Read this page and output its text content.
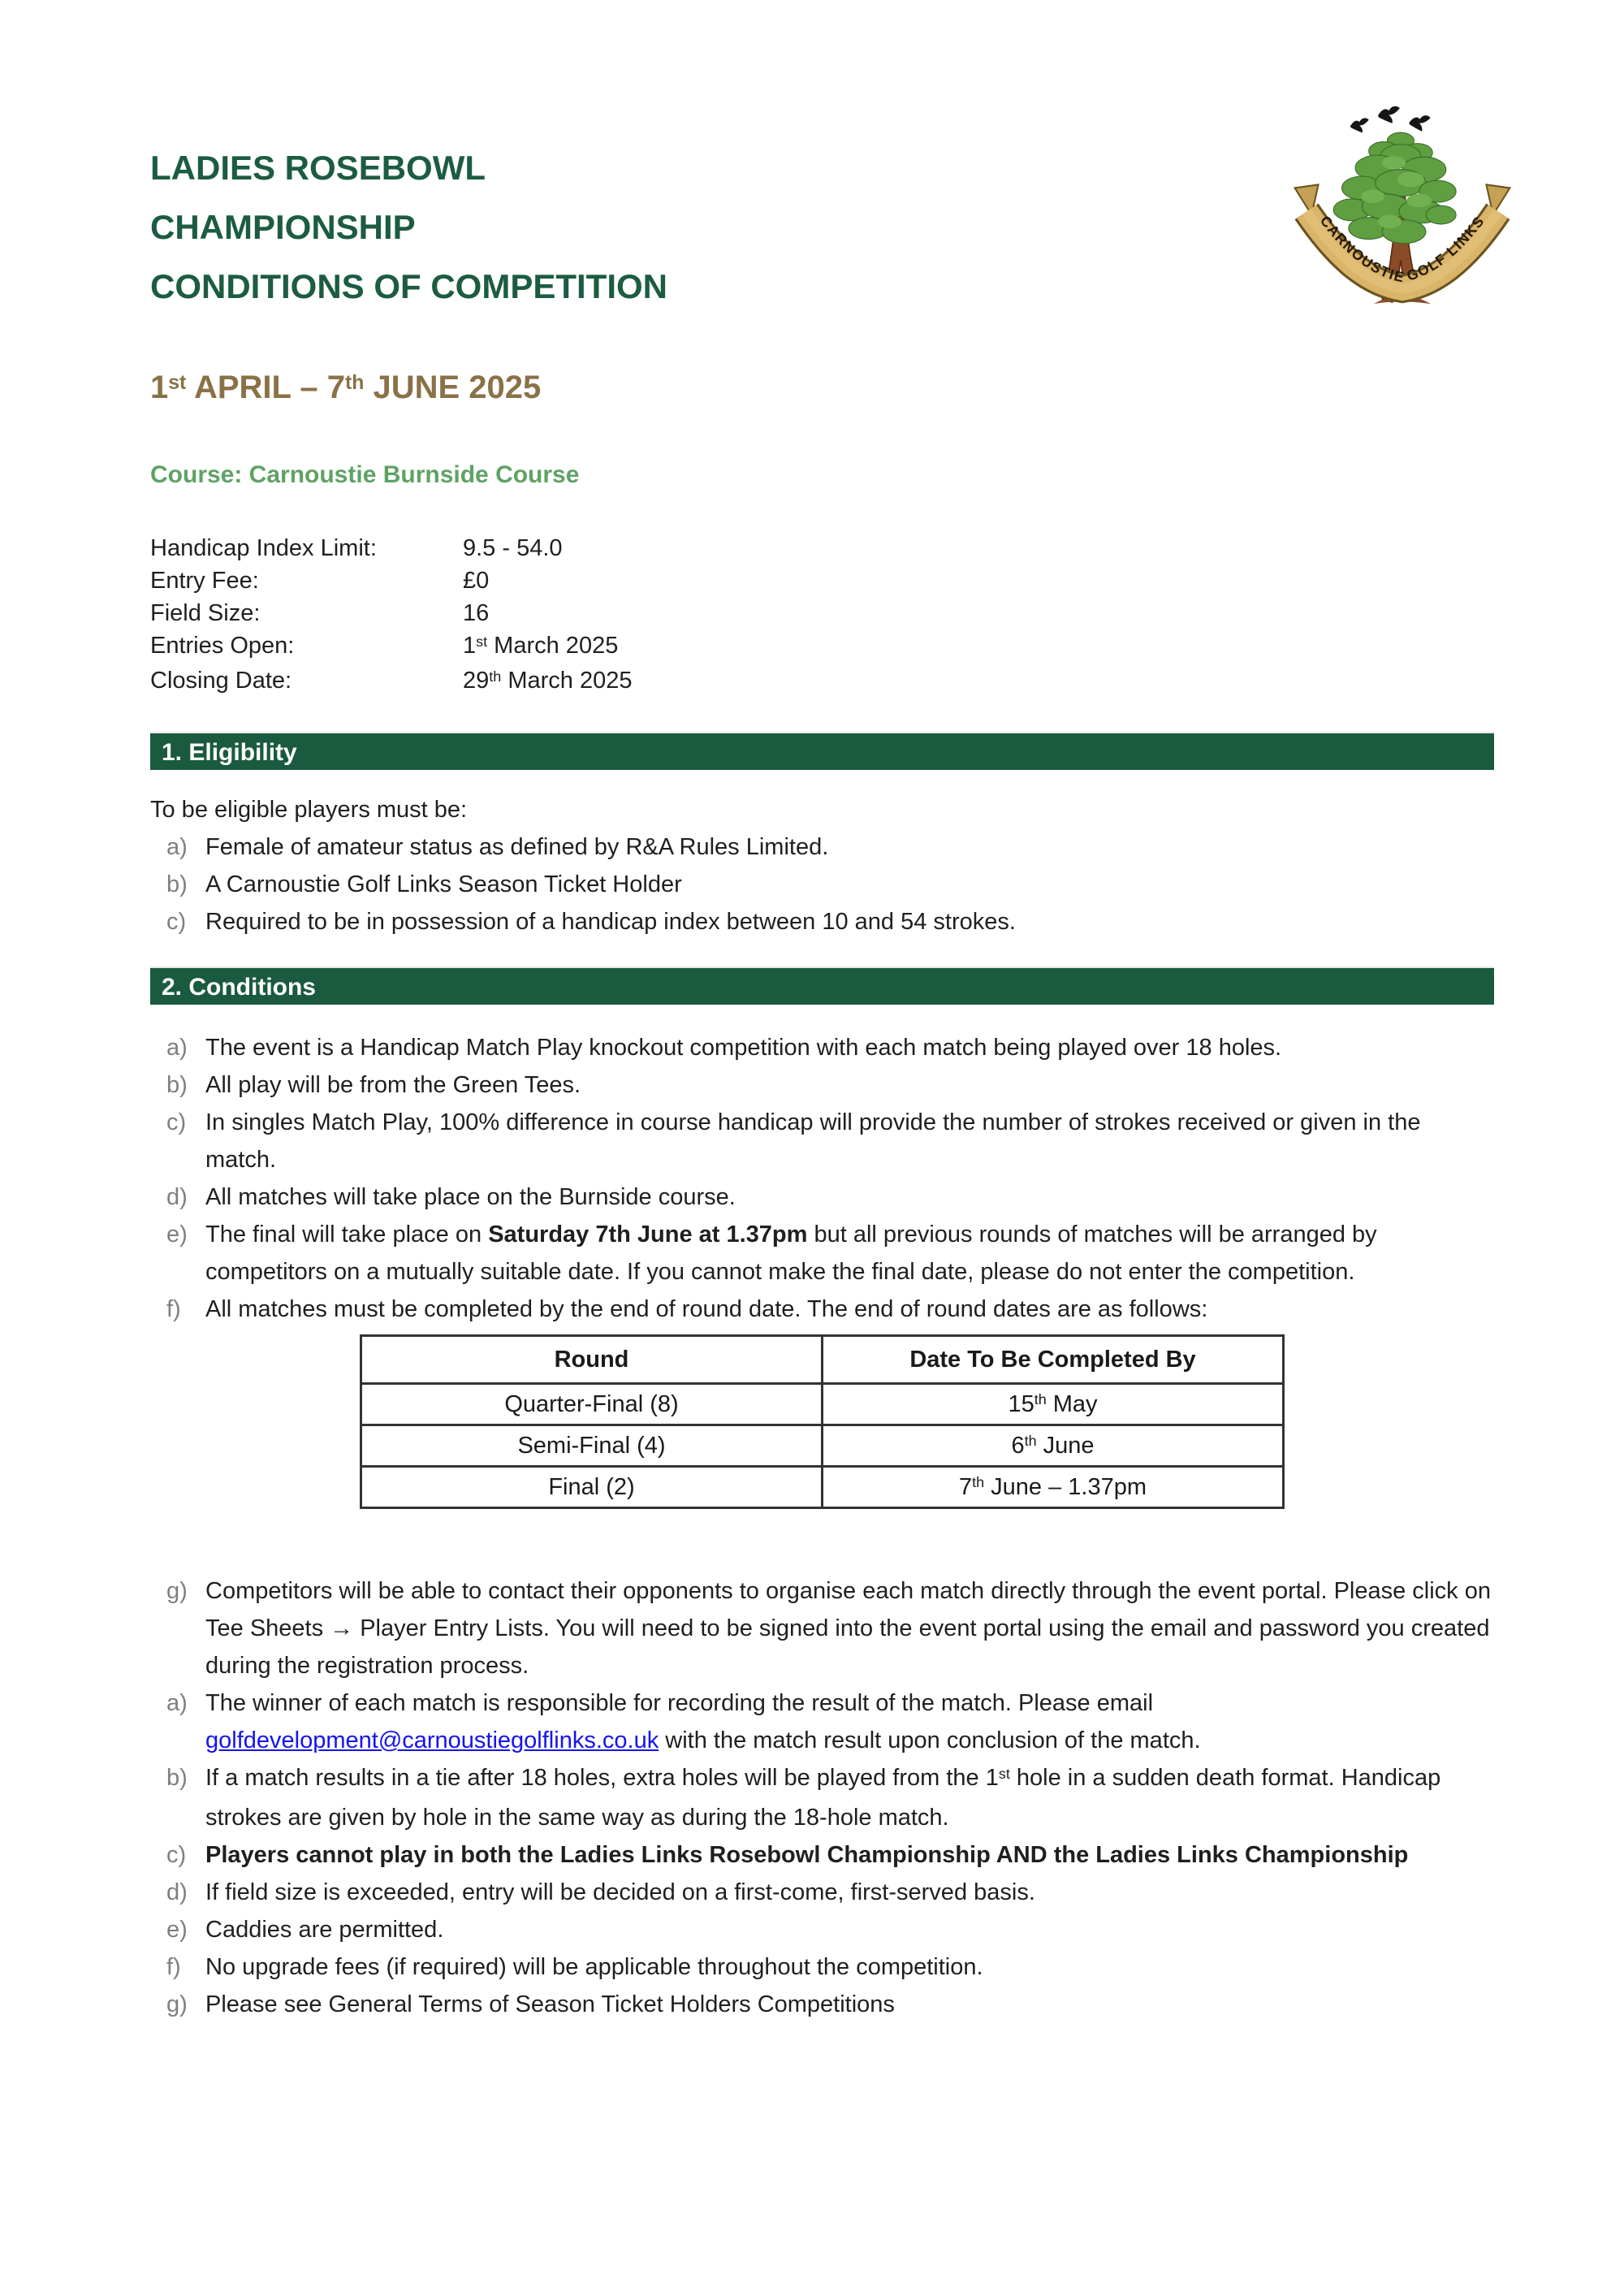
LADIES ROSEBOWL
CHAMPIONSHIP
CONDITIONS OF COMPETITION
CARNOUSTIE GOLF LINKS
1st APRIL – 7th JUNE 2025
Course: Carnoustie Burnside Course
Handicap Index Limit:	9.5 - 54.0
Entry Fee:	£0
Field Size:	16
Entries Open:	1st March 2025
Closing Date:	29th March 2025
1. Eligibility

To be eligible players must be:

a) Female of amateur status as defined by R&A Rules Limited.
b) A Carnoustie Golf Links Season Ticket Holder
c) Required to be in possession of a handicap index between 10 and 54 strokes.
2. Conditions
a) The event is a Handicap Match Play knockout competition with each match being played over 18 holes.
b) All play will be from the Green Tees.
c) In singles Match Play, 100% difference in course handicap will provide the number of strokes received or given in the match.
d) All matches will take place on the Burnside course.
e) The final will take place on Saturday 7th June at 1.37pm but all previous rounds of matches will be arranged by competitors on a mutually suitable date. If you cannot make the final date, please do not enter the competition.
f)	All matches must be completed by the end of round date. The end of round dates are as follows:
Round	Date To Be Completed By
Quarter-Final (8)	15th May
Semi-Final (4)	6th June
Final (2)	7th June – 1.37pm
g) Competitors will be able to contact their opponents to organise each match directly through the event portal. Please click on Tee Sheets → Player Entry Lists. You will need to be signed into the event portal using the email and password you created during the registration process.
a) The winner of each match is responsible for recording the result of the match. Please email golfdevelopment@carnoustiegolflinks.co.uk with the match result upon conclusion of the match.
b) If a match results in a tie after 18 holes, extra holes will be played from the 1st hole in a sudden death format. Handicap strokes are given by hole in the same way as during the 18-hole match.
c) Players cannot play in both the Ladies Links Rosebowl Championship AND the Ladies Links Championship
d) If field size is exceeded, entry will be decided on a first-come, first-served basis.
e) Caddies are permitted.
f)	No upgrade fees (if required) will be applicable throughout the competition.
g) Please see General Terms of Season Ticket Holders Competitions
